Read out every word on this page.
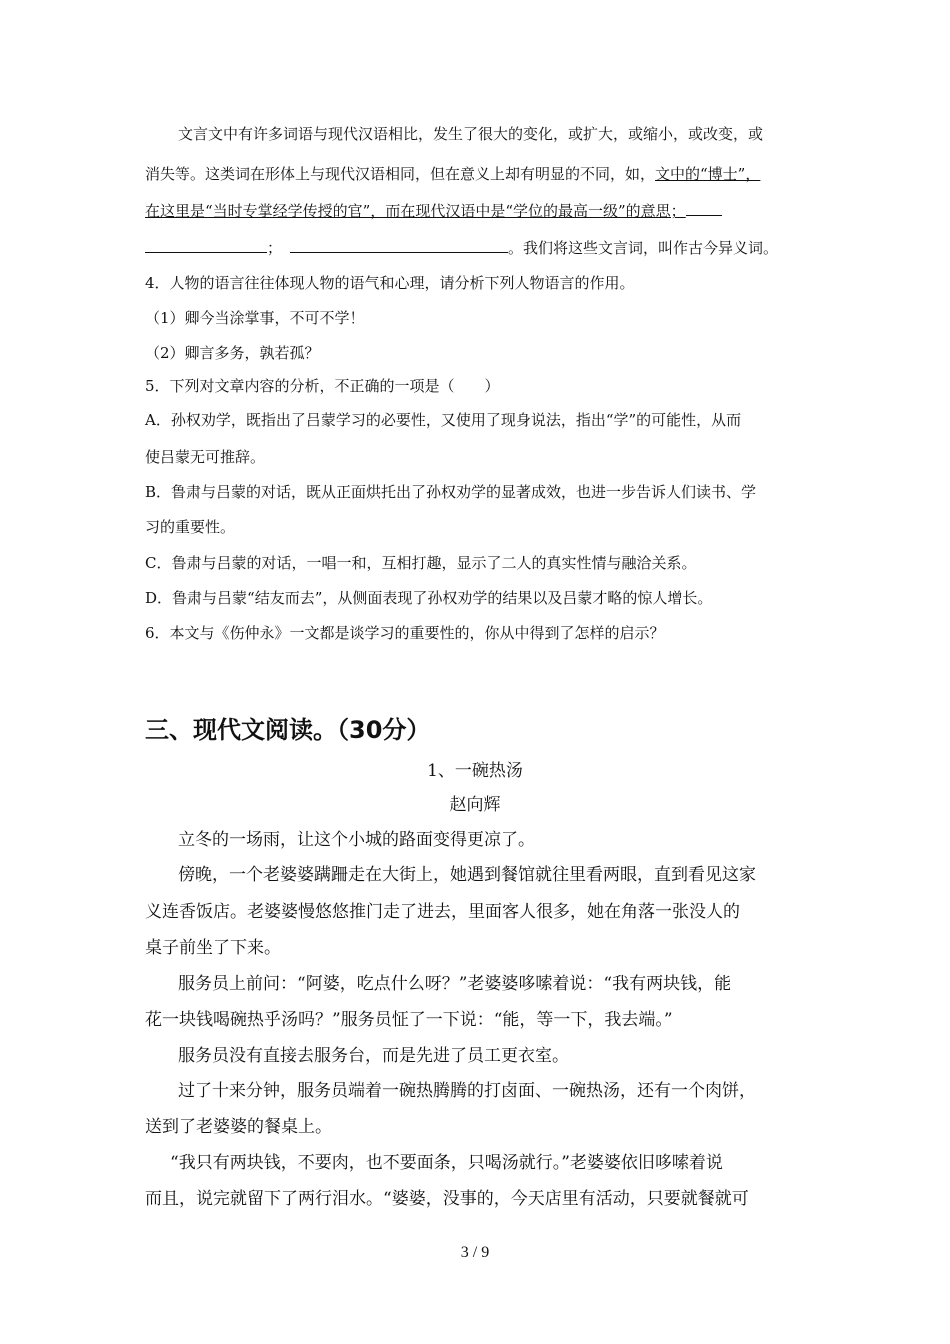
文言文中有许多词语与现代汉语相比，发生了很大的变化，或扩大，或缩小，或改变，或
消失等。这类词在形体上与现代汉语相同，但在意义上却有明显的不同，如，文中的“博士”，
在这里是“当时专掌经学传授的官”，而在现代汉语中是“学位的最高一级”的意思；
；	。我们将这些文言词，叫作古今异义词。
4．人物的语言往往体现人物的语气和心理，请分析下列人物语言的作用。
（1）卿今当涂掌事，不可不学！
（2）卿言多务，孰若孤？
5．下列对文章内容的分析，不正确的一项是（　　）
A．孙权劝学，既指出了吕蒙学习的必要性，又使用了现身说法，指出“学”的可能性，从而
使吕蒙无可推辞。
B．鲁肃与吕蒙的对话，既从正面烘托出了孙权劝学的显著成效，也进一步告诉人们读书、学
习的重要性。
C．鲁肃与吕蒙的对话，一唱一和，互相打趣，显示了二人的真实性情与融洽关系。
D．鲁肃与吕蒙“结友而去”，从侧面表现了孙权劝学的结果以及吕蒙才略的惊人增长。
6．本文与《伤仲永》一文都是谈学习的重要性的，你从中得到了怎样的启示？
三、现代文阅读。（30分）
1、一碗热汤
赵向辉
立冬的一场雨，让这个小城的路面变得更凉了。
傍晚，一个老婆婆蹒跚走在大街上，她遇到餐馆就往里看两眼，直到看见这家
义连香饭店。老婆婆慢悠悠推门走了进去，里面客人很多，她在角落一张没人的
桌子前坐了下来。
服务员上前问：“阿婆，吃点什么呀？”老婆婆哆嗦着说：“我有两块钱，能
花一块钱喝碗热乎汤吗？”服务员怔了一下说：“能，等一下，我去端。”
服务员没有直接去服务台，而是先进了员工更衣室。
过了十来分钟，服务员端着一碗热腾腾的打卤面、一碗热汤，还有一个肉饼，
送到了老婆婆的餐桌上。
“我只有两块钱，不要肉，也不要面条，只喝汤就行。”老婆婆依旧哆嗦着说
而且，说完就留下了两行泪水。“婆婆，没事的，今天店里有活动，只要就餐就可
3 / 9
